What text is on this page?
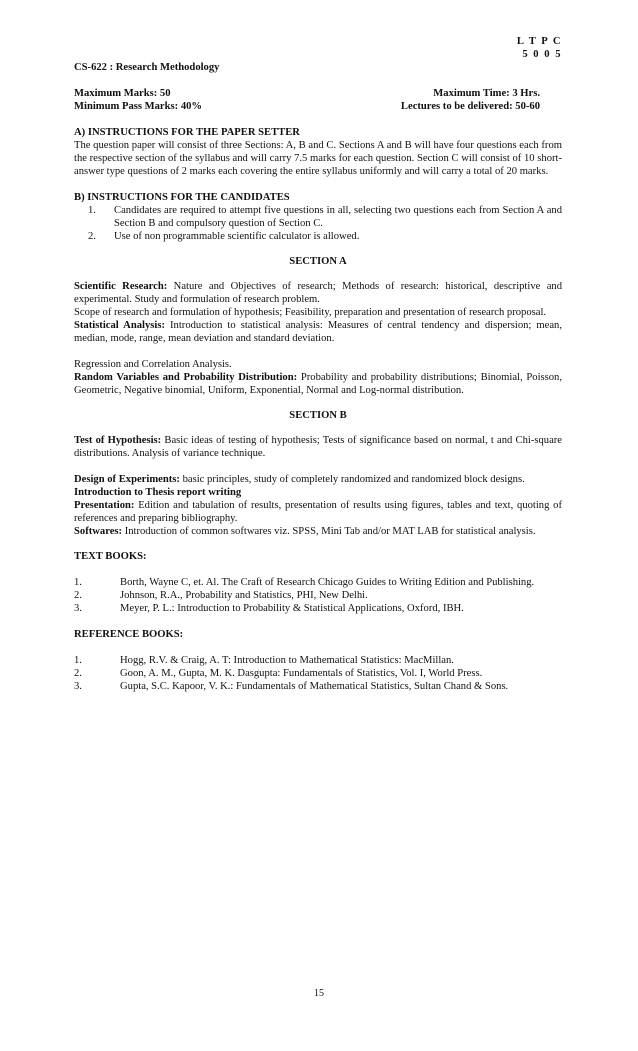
L T P C
5 0 0 5
CS-622 : Research Methodology
Maximum Marks: 50	Maximum Time: 3 Hrs.
Minimum Pass Marks: 40%	Lectures to be delivered: 50-60
A) INSTRUCTIONS FOR THE PAPER SETTER

The question paper will consist of three Sections: A, B and C. Sections A and B will have four questions each from the respective section of the syllabus and will carry 7.5 marks for each question. Section C will consist of 10 short-answer type questions of 2 marks each covering the entire syllabus uniformly and will carry a total of 20 marks.

B) INSTRUCTIONS FOR THE CANDIDATES
1.	Candidates are required to attempt five questions in all, selecting two questions each from Section A and Section B and compulsory question of Section C.
2.	Use of non programmable scientific calculator is allowed.
SECTION A

Scientific Research: Nature and Objectives of research; Methods of research: historical, descriptive and experimental. Study and formulation of research problem.

Scope of research and formulation of hypothesis; Feasibility, preparation and presentation of research proposal.

Statistical Analysis: Introduction to statistical analysis: Measures of central tendency and dispersion; mean, median, mode, range, mean deviation and standard deviation.

Regression and Correlation Analysis.

Random Variables and Probability Distribution: Probability and probability distributions; Binomial, Poisson, Geometric, Negative binomial, Uniform, Exponential, Normal and Log-normal distribution.

SECTION B

Test of Hypothesis: Basic ideas of testing of hypothesis; Tests of significance based on normal, t and Chi-square distributions. Analysis of variance technique.

Design of Experiments: basic principles, study of completely randomized and randomized block designs.

Introduction to Thesis report writing

Presentation: Edition and tabulation of results, presentation of results using figures, tables and text, quoting of references and preparing bibliography.

Softwares: Introduction of common softwares viz. SPSS, Mini Tab and/or MAT LAB for statistical analysis.

TEXT BOOKS:
1.	Borth, Wayne C, et. Al. The Craft of Research Chicago Guides to Writing Edition and Publishing.
2.	Johnson, R.A., Probability and Statistics, PHI, New Delhi.
3.	Meyer, P. L.: Introduction to Probability & Statistical Applications, Oxford, IBH.
REFERENCE BOOKS:
1.	Hogg, R.V. & Craig, A. T: Introduction to Mathematical Statistics: MacMillan.
2.	Goon, A. M., Gupta, M. K. Dasgupta: Fundamentals of Statistics, Vol. I, World Press.
3.	Gupta, S.C. Kapoor, V. K.: Fundamentals of Mathematical Statistics, Sultan Chand & Sons.
15
